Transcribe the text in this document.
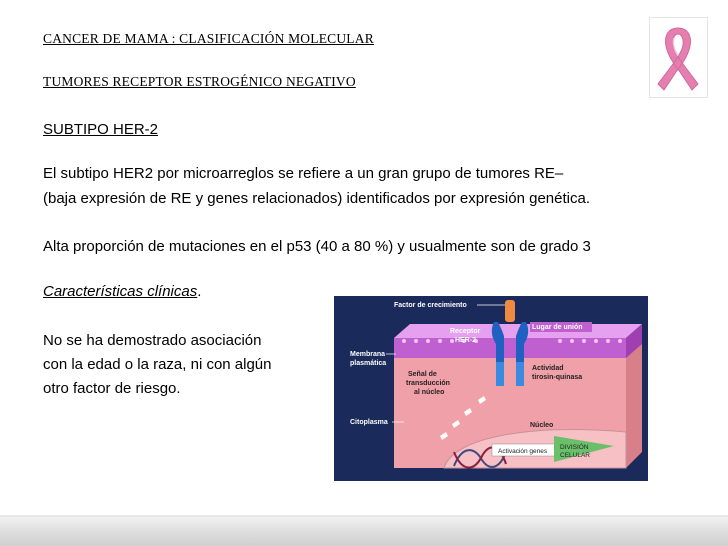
CANCER DE MAMA : CLASIFICACIÓN MOLECULAR
TUMORES RECEPTOR ESTROGÉNICO NEGATIVO
SUBTIPO HER-2
El subtipo HER2 por microarreglos se refiere a un gran grupo de tumores RE–
(baja expresión de RE y genes relacionados) identificados por expresión genética.
Alta proporción de mutaciones en el p53 (40 a 80 %) y usualmente son de grado 3
Características clínicas.
No se ha demostrado asociación
con la edad o la raza, ni con algún
otro factor de riesgo.
Factor de crecimiento
Receptor
HER-2
Lugar de unión
Membrana
plasmática
Señal de
transducción
al núcleo
Actividad
tirosin-quinasa
Citoplasma	Núcleo
Activación genes
DIVISIÓN
CELULAR
